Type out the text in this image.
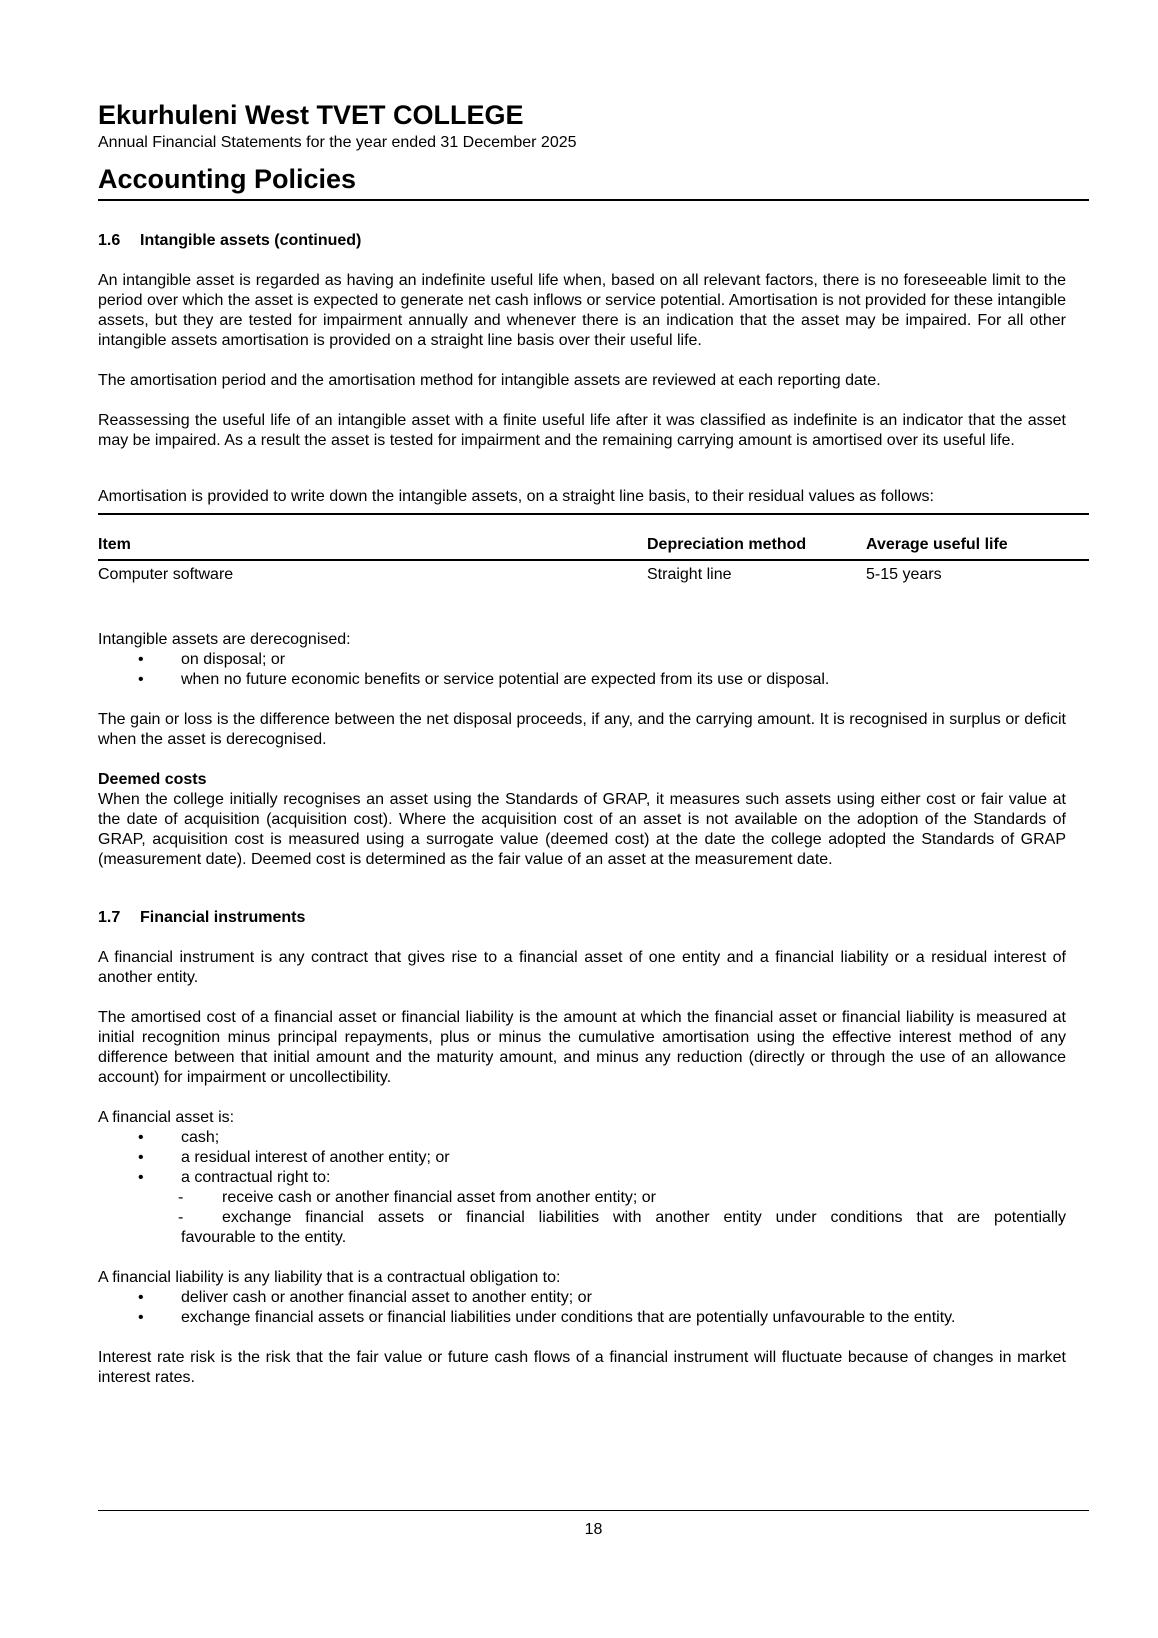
Ekurhuleni West TVET COLLEGE
Annual Financial Statements for the year ended 31 December 2025
Accounting Policies
1.6 Intangible assets (continued)

An intangible asset is regarded as having an indefinite useful life when, based on all relevant factors, there is no foreseeable limit to the period over which the asset is expected to generate net cash inflows or service potential. Amortisation is not provided for these intangible assets, but they are tested for impairment annually and whenever there is an indication that the asset may be impaired. For all other intangible assets amortisation is provided on a straight line basis over their useful life.

The amortisation period and the amortisation method for intangible assets are reviewed at each reporting date.

Reassessing the useful life of an intangible asset with a finite useful life after it was classified as indefinite is an indicator that the asset may be impaired. As a result the asset is tested for impairment and the remaining carrying amount is amortised over its useful life.

Amortisation is provided to write down the intangible assets, on a straight line basis, to their residual values as follows:

Item	Depreciation method	Average useful life
Computer software	Straight line	5-15 years

Intangible assets are derecognised:

• on disposal; or
• when no future economic benefits or service potential are expected from its use or disposal.

The gain or loss is the difference between the net disposal proceeds, if any, and the carrying amount. It is recognised in surplus or deficit when the asset is derecognised.

Deemed costs

When the college initially recognises an asset using the Standards of GRAP, it measures such assets using either cost or fair value at the date of acquisition (acquisition cost). Where the acquisition cost of an asset is not available on the adoption of the Standards of GRAP, acquisition cost is measured using a surrogate value (deemed cost) at the date the college adopted the Standards of GRAP (measurement date). Deemed cost is determined as the fair value of an asset at the measurement date.

1.7 Financial instruments

A financial instrument is any contract that gives rise to a financial asset of one entity and a financial liability or a residual interest of another entity.

The amortised cost of a financial asset or financial liability is the amount at which the financial asset or financial liability is measured at initial recognition minus principal repayments, plus or minus the cumulative amortisation using the effective interest method of any difference between that initial amount and the maturity amount, and minus any reduction (directly or through the use of an allowance account) for impairment or uncollectibility.

A financial asset is:

• cash;
• a residual interest of another entity; or
• a contractual right to:
- receive cash or another financial asset from another entity; or
- exchange financial assets or financial liabilities with another entity under conditions that are potentially
favourable to the entity.

A financial liability is any liability that is a contractual obligation to:

• deliver cash or another financial asset to another entity; or
• exchange financial assets or financial liabilities under conditions that are potentially unfavourable to the entity.

Interest rate risk is the risk that the fair value or future cash flows of a financial instrument will fluctuate because of changes in market interest rates.

18
